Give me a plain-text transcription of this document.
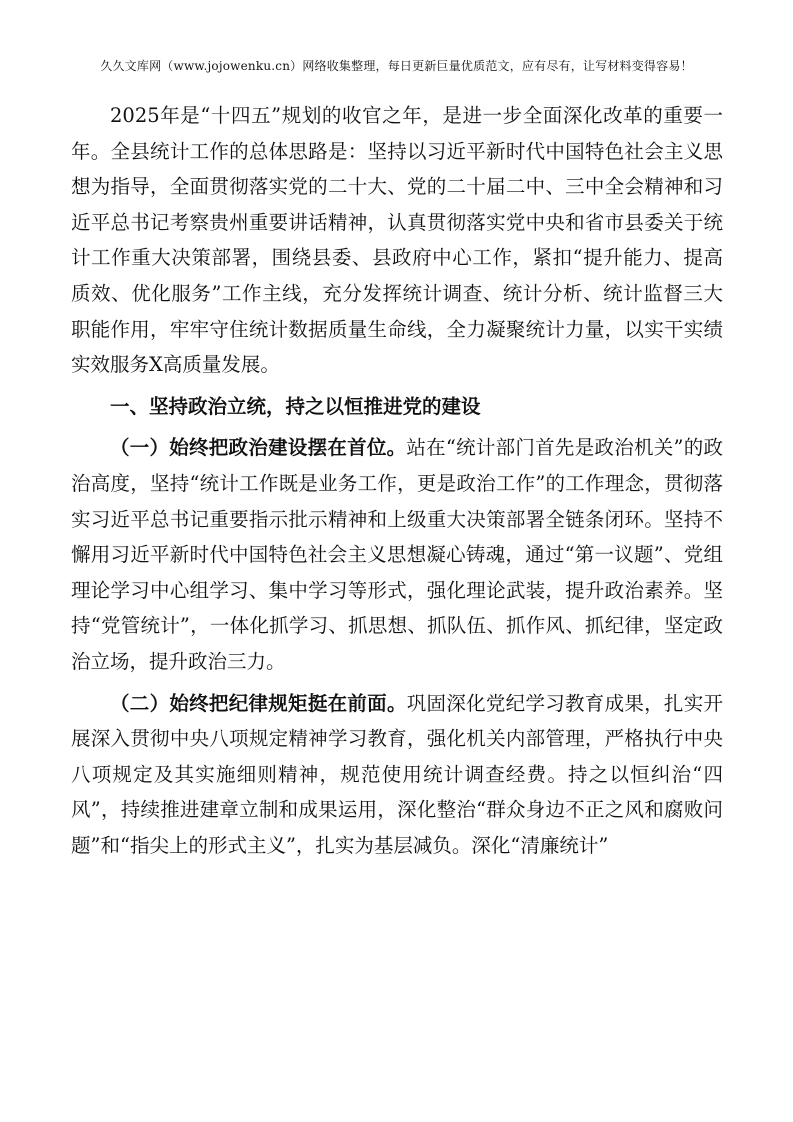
久久文库网（www.jojowenku.cn）网络收集整理，每日更新巨量优质范文，应有尽有，让写材料变得容易！

2025年是“十四五”规划的收官之年，是进一步全面深化改革的重要一年。全县统计工作的总体思路是：坚持以习近平新时代中国特色社会主义思想为指导，全面贯彻落实党的二十大、党的二十届二中、三中全会精神和习近平总书记考察贵州重要讲话精神，认真贯彻落实党中央和省市县委关于统计工作重大决策部署，围绕县委、县政府中心工作，紧扣“提升能力、提高质效、优化服务”工作主线，充分发挥统计调查、统计分析、统计监督三大职能作用，牢牢守住统计数据质量生命线，全力凝聚统计力量，以实干实绩实效服务X高质量发展。

一、坚持政治立统，持之以恒推进党的建设

（一）始终把政治建设摆在首位。站在“统计部门首先是政治机关”的政治高度，坚持“统计工作既是业务工作，更是政治工作”的工作理念，贯彻落实习近平总书记重要指示批示精神和上级重大决策部署全链条闭环。坚持不懈用习近平新时代中国特色社会主义思想凝心铸魂，通过“第一议题”、党组理论学习中心组学习、集中学习等形式，强化理论武装，提升政治素养。坚持“党管统计”，一体化抓学习、抓思想、抓队伍、抓作风、抓纪律，坚定政治立场，提升政治三力。

（二）始终把纪律规矩挺在前面。巩固深化党纪学习教育成果，扎实开展深入贯彻中央八项规定精神学习教育，强化机关内部管理，严格执行中央八项规定及其实施细则精神，规范使用统计调查经费。持之以恒纠治“四风”，持续推进建章立制和成果运用，深化整治“群众身边不正之风和腐败问题”和“指尖上的形式主义”，扎实为基层减负。深化“清廉统计”
